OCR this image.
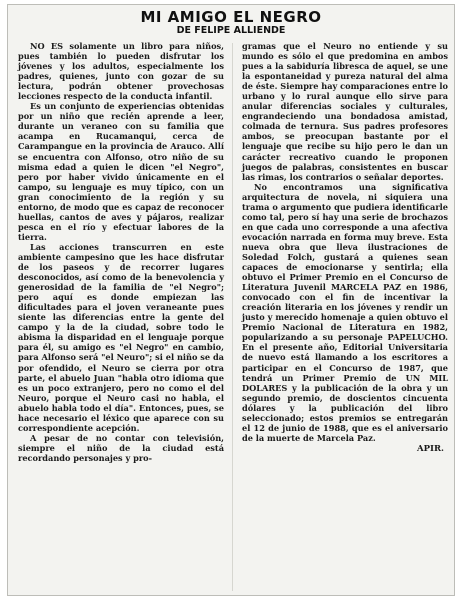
MI AMIGO EL NEGRO
DE FELIPE ALLIENDE

NO ES solamente un libro para niños, pues también lo pueden disfrutar los jóvenes y los adultos, especialmente los padres, quienes, junto con gozar de su lectura, podrán obtener provechosas lecciones respecto de la conducta infantil.

Es un conjunto de experiencias obtenidas por un niño que recién aprende a leer, durante un veraneo con su familia que acampa en Rucamanqui, cerca de Carampangue en la provincia de Arauco. Allí se encuentra con Alfonso, otro niño de su misma edad a quien le dicen "el Negro", pero por haber vivido únicamente en el campo, su lenguaje es muy típico, con un gran conocimiento de la región y su entorno, de modo que es capaz de reconocer huellas, cantos de aves y pájaros, realizar pesca en el río y efectuar labores de la tierra.

Las acciones transcurren en este ambiente campesino que les hace disfrutar de los paseos y de recorrer lugares desconocidos, así como de la benevolencia y generosidad de la familia de "el Negro"; pero aquí es donde empiezan las dificultades para el joven veraneante pues siente las diferencias entre la gente del campo y la de la ciudad, sobre todo le abisma la disparidad en el lenguaje porque para él, su amigo es "el Negro" en cambio, para Alfonso será "el Neuro"; si el niño se da por ofendido, el Neuro se cierra por otra parte, el abuelo Juan "habla otro idioma que es un poco extranjero, pero no como el del Neuro, porque el Neuro casi no habla, el abuelo habla todo el día". Entonces, pues, se hace necesario el léxico que aparece con su correspondiente acepción.

A pesar de no contar con televisión, siempre el niño de la ciudad está recordando personajes y pro-

gramas que el Neuro no entiende y su mundo es sólo el que predomina en ambos pues a la sabiduría libresca de aquel, se une la espontaneidad y pureza natural del alma de éste. Siempre hay comparaciones entre lo urbano y lo rural aunque ello sirve para anular diferencias sociales y culturales, engrandeciendo una bondadosa amistad, colmada de ternura. Sus padres profesores ambos, se preocupan bastante por el lenguaje que recibe su hijo pero le dan un carácter recreativo cuando le proponen juegos de palabras, consistentes en buscar las rimas, los contrarios o señalar deportes.

No encontramos una significativa arquitectura de novela, ni siquiera una trama o argumento que pudiera identificarle como tal, pero sí hay una serie de brochazos en que cada uno corresponde a una afectiva evocación narrada en forma muy breve. Esta nueva obra que lleva ilustraciones de Soledad Folch, gustará a quienes sean capaces de emocionarse y sentirla; ella obtuvo el Primer Premio en el Concurso de Literatura Juvenil MARCELA PAZ en 1986, convocado con el fin de incentivar la creación literaria en los jóvenes y rendir un justo y merecido homenaje a quien obtuvo el Premio Nacional de Literatura en 1982, popularizando a su personaje PAPELUCHO. En el presente año, Editorial Universitaria de nuevo está llamando a los escritores a participar en el Concurso de 1987, que tendrá un Primer Premio de UN MIL DOLARES y la publicación de la obra y un segundo premio, de doscientos cincuenta dólares y la publicación del libro seleccionado; estos premios se entregarán el 12 de junio de 1988, que es el aniversario de la muerte de Marcela Paz.

APIR.
